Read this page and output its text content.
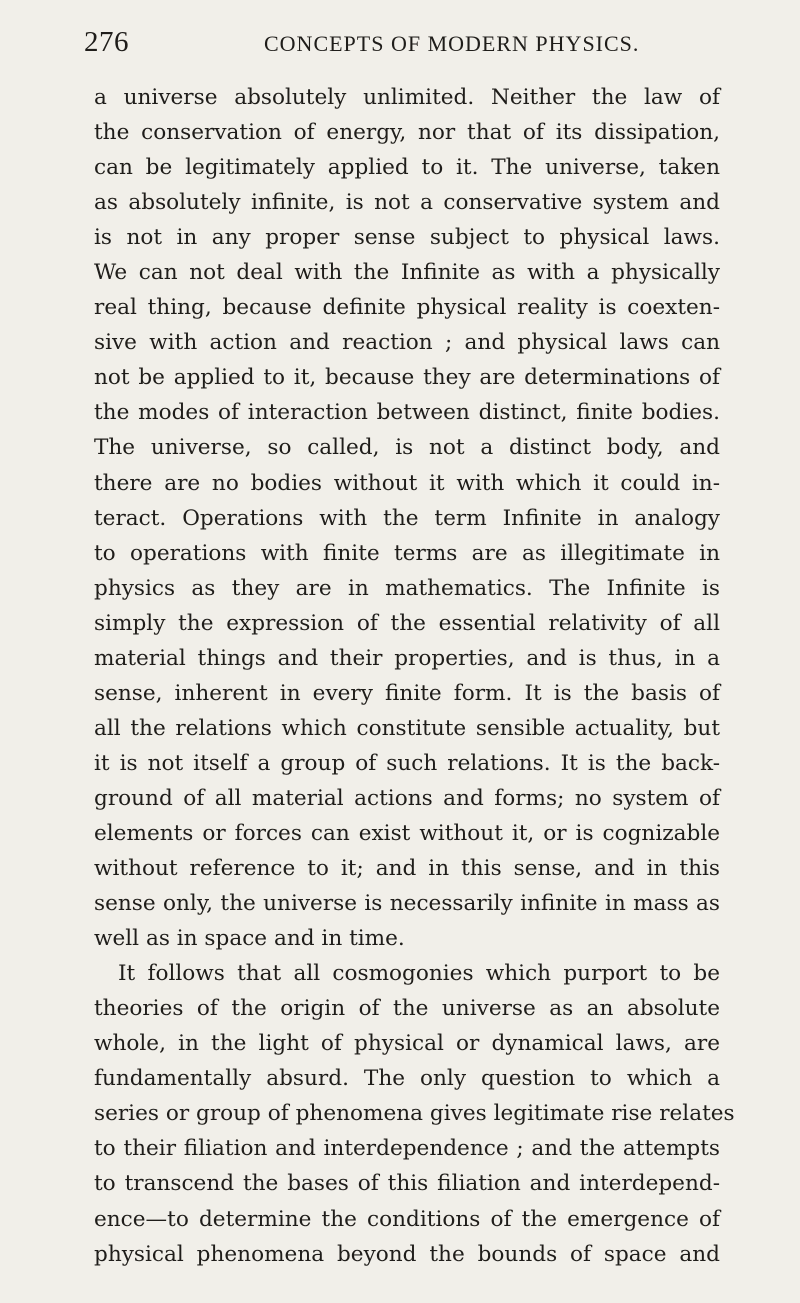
276	CONCEPTS OF MODERN PHYSICS.
a universe absolutely unlimited. Neither the law of
the conservation of energy, nor that of its dissipation,
can be legitimately applied to it. The universe, taken
as absolutely infinite, is not a conservative system and
is not in any proper sense subject to physical laws.
We can not deal with the Infinite as with a physically
real thing, because definite physical reality is coexten-
sive with action and reaction ; and physical laws can
not be applied to it, because they are determinations of
the modes of interaction between distinct, finite bodies.
The universe, so called, is not a distinct body, and
there are no bodies without it with which it could in-
teract. Operations with the term Infinite in analogy
to operations with finite terms are as illegitimate in
physics as they are in mathematics. The Infinite is
simply the expression of the essential relativity of all
material things and their properties, and is thus, in a
sense, inherent in every finite form. It is the basis of
all the relations which constitute sensible actuality, but
it is not itself a group of such relations. It is the back-
ground of all material actions and forms; no system of
elements or forces can exist without it, or is cognizable
without reference to it; and in this sense, and in this
sense only, the universe is necessarily infinite in mass as
well as in space and in time.
It follows that all cosmogonies which purport to be
theories of the origin of the universe as an absolute
whole, in the light of physical or dynamical laws, are
fundamentally absurd. The only question to which a
series or group of phenomena gives legitimate rise relates
to their filiation and interdependence ; and the attempts
to transcend the bases of this filiation and interdepend-
ence—to determine the conditions of the emergence of
physical phenomena beyond the bounds of space and
